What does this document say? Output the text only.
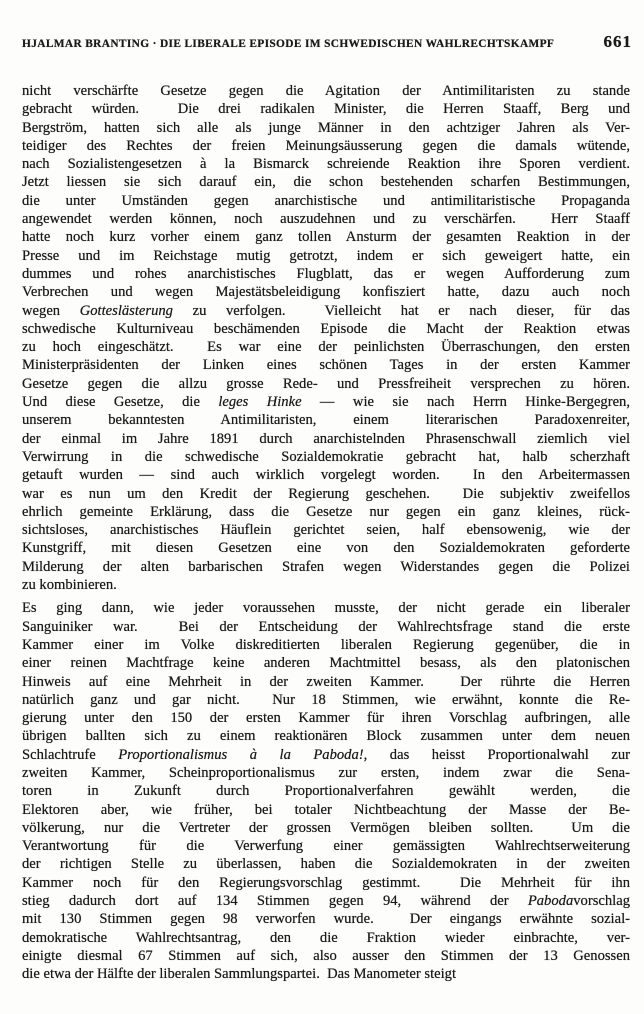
HJALMAR BRANTING · DIE LIBERALE EPISODE IM SCHWEDISCHEN WAHLRECHTSKAMPF	661
nicht verschärfte Gesetze gegen die Agitation der Antimilitaristen zu stande
gebracht würden.  Die drei radikalen Minister, die Herren Staaff, Berg und
Bergström, hatten sich alle als junge Männer in den achtziger Jahren als Ver-
teidiger des Rechtes der freien Meinungsäusserung gegen die damals wütende,
nach Sozialistengesetzen à la Bismarck schreiende Reaktion ihre Sporen verdient.
Jetzt liessen sie sich darauf ein, die schon bestehenden scharfen Bestimmungen,
die unter Umständen gegen anarchistische und antimilitaristische Propaganda
angewendet werden können, noch auszudehnen und zu verschärfen.  Herr Staaff
hatte noch kurz vorher einem ganz tollen Ansturm der gesamten Reaktion in der
Presse und im Reichstage mutig getrotzt, indem er sich geweigert hatte, ein
dummes und rohes anarchistisches Flugblatt, das er wegen Aufforderung zum
Verbrechen und wegen Majestätsbeleidigung konfisziert hatte, dazu auch noch
wegen Gotteslästerung zu verfolgen.  Vielleicht hat er nach dieser, für das
schwedische Kulturniveau beschämenden Episode die Macht der Reaktion etwas
zu hoch eingeschätzt.  Es war eine der peinlichsten Überraschungen, den ersten
Ministerpräsidenten der Linken eines schönen Tages in der ersten Kammer
Gesetze gegen die allzu grosse Rede- und Pressfreiheit versprechen zu hören.
Und diese Gesetze, die leges Hinke — wie sie nach Herrn Hinke-Bergegren,
unserem bekanntesten Antimilitaristen, einem literarischen Paradoxenreiter,
der einmal im Jahre 1891 durch anarchistelnden Phrasenschwall ziemlich viel
Verwirrung in die schwedische Sozialdemokratie gebracht hat, halb scherzhaft
getauft wurden — sind auch wirklich vorgelegt worden.  In den Arbeitermassen
war es nun um den Kredit der Regierung geschehen.  Die subjektiv zweifellos
ehrlich gemeinte Erklärung, dass die Gesetze nur gegen ein ganz kleines, rück-
sichtsloses, anarchistisches Häuflein gerichtet seien, half ebensowenig, wie der
Kunstgriff, mit diesen Gesetzen eine von den Sozialdemokraten geforderte
Milderung der alten barbarischen Strafen wegen Widerstandes gegen die Polizei
zu kombinieren.
Es ging dann, wie jeder voraussehen musste, der nicht gerade ein liberaler
Sanguiniker war.  Bei der Entscheidung der Wahlrechtsfrage stand die erste
Kammer einer im Volke diskreditierten liberalen Regierung gegenüber, die in
einer reinen Machtfrage keine anderen Machtmittel besass, als den platonischen
Hinweis auf eine Mehrheit in der zweiten Kammer.  Der rührte die Herren
natürlich ganz und gar nicht.  Nur 18 Stimmen, wie erwähnt, konnte die Re-
gierung unter den 150 der ersten Kammer für ihren Vorschlag aufbringen, alle
übrigen ballten sich zu einem reaktionären Block zusammen unter dem neuen
Schlachtrufe Proportionalismus à la Paboda!, das heisst Proportionalwahl zur
zweiten Kammer, Scheinproportionalismus zur ersten, indem zwar die Sena-
toren in Zukunft durch Proportionalverfahren gewählt werden, die
Elektoren aber, wie früher, bei totaler Nichtbeachtung der Masse der Be-
völkerung, nur die Vertreter der grossen Vermögen bleiben sollten.  Um die
Verantwortung für die Verwerfung einer gemässigten Wahlrechtserweiterung
der richtigen Stelle zu überlassen, haben die Sozialdemokraten in der zweiten
Kammer noch für den Regierungsvorschlag gestimmt.  Die Mehrheit für ihn
stieg dadurch dort auf 134 Stimmen gegen 94, während der Pabodavorschlag
mit 130 Stimmen gegen 98 verworfen wurde.  Der eingangs erwähnte sozial-
demokratische Wahlrechtsantrag, den die Fraktion wieder einbrachte, ver-
einigte diesmal 67 Stimmen auf sich, also ausser den Stimmen der 13 Genossen
die etwa der Hälfte der liberalen Sammlungspartei.  Das Manometer steigt
